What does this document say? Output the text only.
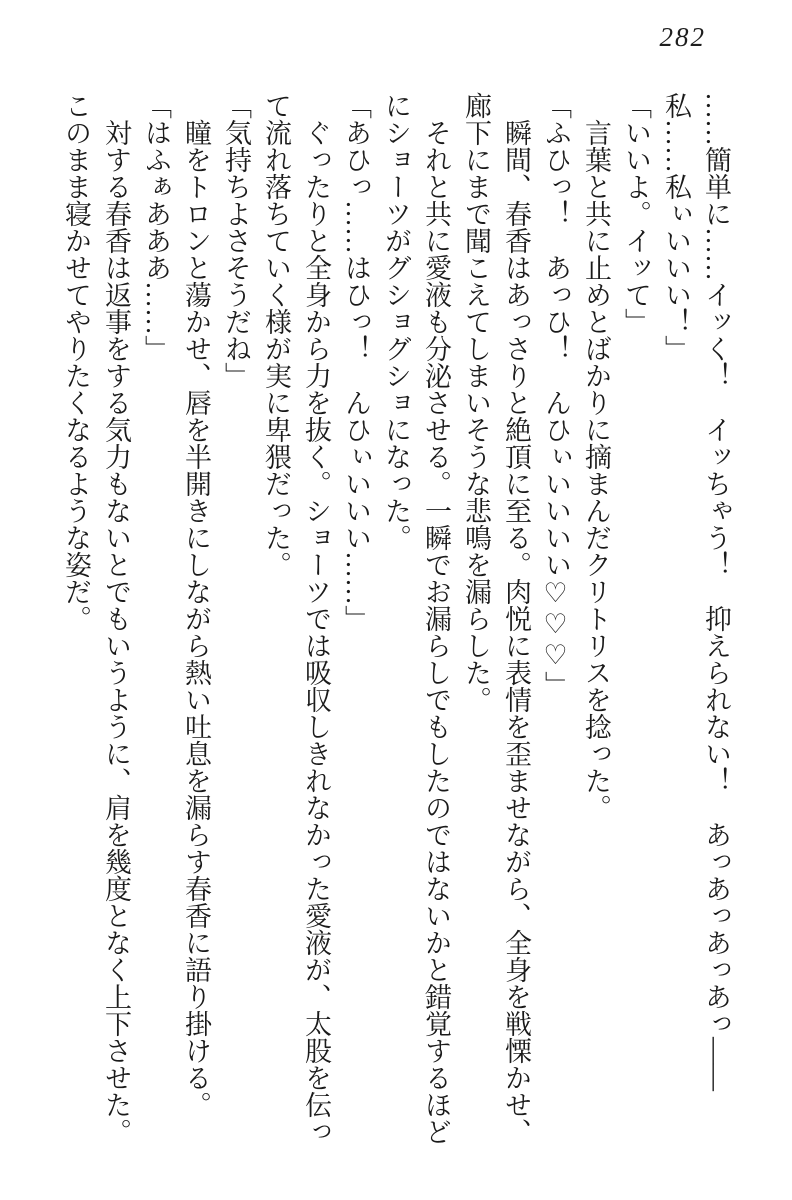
282

……簡単に……イッく！　イッちゃう！　抑えられない！　あっあっあっあっ――私……私ぃいいい！」

「いいよ。イッて」

言葉と共に止めとばかりに摘まんだクリトリスを捻った。

「ふひっ！　あっひ！　んひぃいいいい♡♡♡」

瞬間、春香はあっさりと絶頂に至る。肉悦に表情を歪ませながら、全身を戦慄かせ、廊下にまで聞こえてしまいそうな悲鳴を漏らした。

それと共に愛液も分泌させる。一瞬でお漏らしでもしたのではないかと錯覚するほどにショーツがグショグショになった。

「あひっ……はひっ！　んひぃいいい……」

ぐったりと全身から力を抜く。ショーツでは吸収しきれなかった愛液が、太股を伝って流れ落ちていく様が実に卑猥だった。

「気持ちよさそうだね」

瞳をトロンと蕩かせ、唇を半開きにしながら熱い吐息を漏らす春香に語り掛ける。

「はふぁあああ……」

対する春香は返事をする気力もないとでもいうように、肩を幾度となく上下させた。このまま寝かせてやりたくなるような姿だ。
